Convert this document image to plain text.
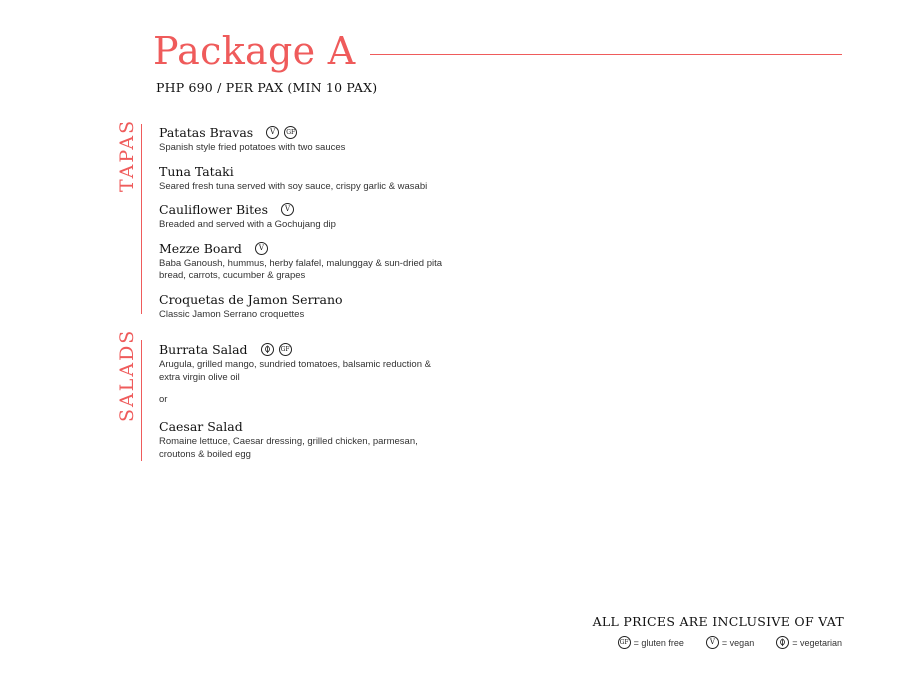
Package A
PHP 690 / PER PAX (MIN 10 PAX)
TAPAS Patatas Bravas	V	GF
Spanish style fried potatoes with two sauces
Tuna Tataki
Seared fresh tuna served with soy sauce, crispy garlic & wasabi
Cauliflower Bites	V
Breaded and served with a Gochujang dip
Mezze Board	V
Baba Ganoush, hummus, herby falafel, malunggay & sun-dried pita bread, carrots, cucumber & grapes
Croquetas de Jamon Serrano
Classic Jamon Serrano croquettes
SALADS Burrata Salad	GF
Arugula, grilled mango, sundried tomatoes, balsamic reduction & extra virgin olive oil
or
Caesar Salad
Romaine lettuce, Caesar dressing, grilled chicken, parmesan, croutons & boiled egg
ALL PRICES ARE INCLUSIVE OF VAT
GF = gluten free	V = vegan	= vegetarian
